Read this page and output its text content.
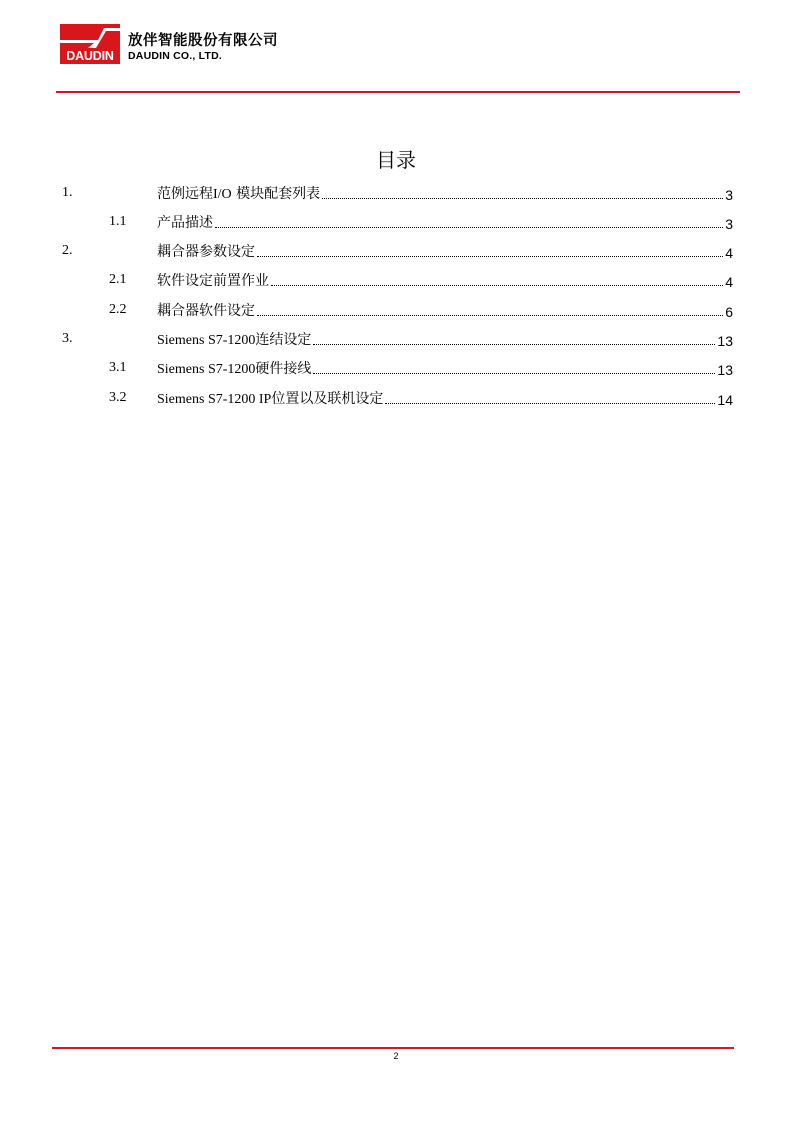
DAUDIN
放伴智能股份有限公司
DAUDIN CO., LTD.
目录
1.	范例远程I/O 模块配套列表	3
1.1 产品描述	3
2.	耦合器参数设定	4
2.1 软件设定前置作业	4
2.2 耦合器软件设定	6
3.	Siemens S7-1200连结设定	13
3.1 Siemens S7-1200硬件接线	13
3.2 Siemens S7-1200 IP位置以及联机设定	14
2
